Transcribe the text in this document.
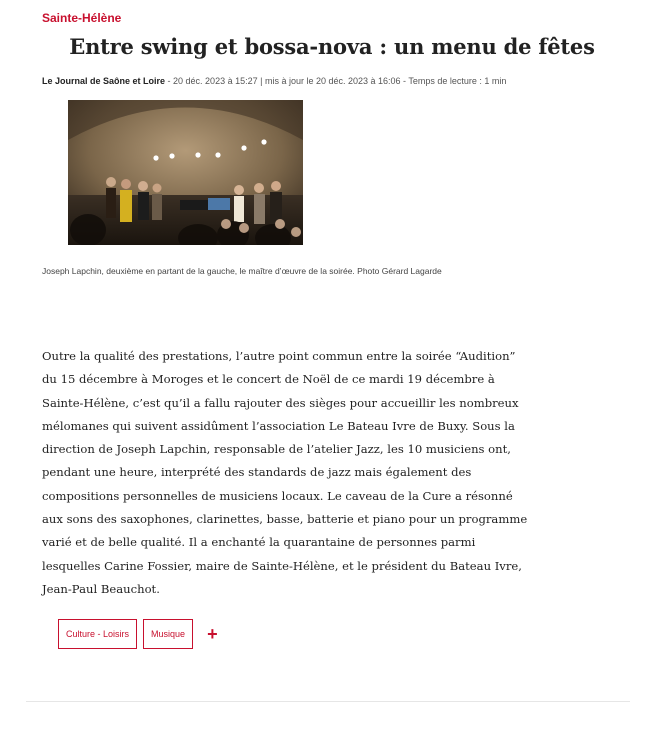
Sainte-Hélène
Entre swing et bossa-nova : un menu de fêtes
Le Journal de Saône et Loire - 20 déc. 2023 à 15:27 | mis à jour le 20 déc. 2023 à 16:06 - Temps de lecture : 1 min
Joseph Lapchin, deuxième en partant de la gauche, le maître d’œuvre de la soirée. Photo Gérard Lagarde

Outre la qualité des prestations, l’autre point commun entre la soirée “Audition” du 15 décembre à Moroges et le concert de Noël de ce mardi 19 décembre à Sainte-Hélène, c’est qu’il a fallu rajouter des sièges pour accueillir les nombreux mélomanes qui suivent assidûment l’association Le Bateau Ivre de Buxy. Sous la direction de Joseph Lapchin, responsable de l’atelier Jazz, les 10 musiciens ont, pendant une heure, interprété des standards de jazz mais également des compositions personnelles de musiciens locaux. Le caveau de la Cure a résonné aux sons des saxophones, clarinettes, basse, batterie et piano pour un programme varié et de belle qualité. Il a enchanté la quarantaine de personnes parmi lesquelles Carine Fossier, maire de Sainte-Hélène, et le président du Bateau Ivre, Jean-Paul Beauchot.

Culture - Loisirs	Musique	+
